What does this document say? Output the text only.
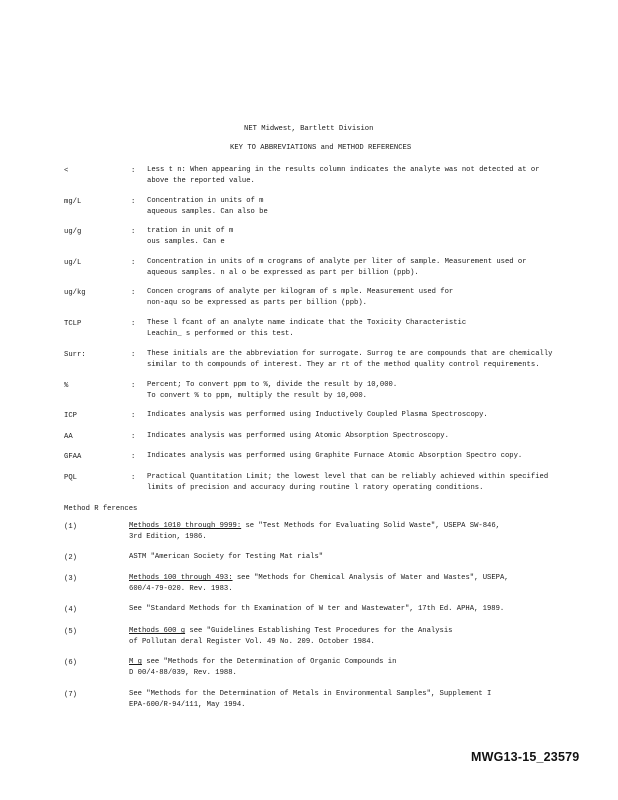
NET Midwest, Bartlett Division
KEY TO ABBREVIATIONS and METHOD REFERENCES
<	: Less t n: When appearing in the results column indicates the analyte was not detected at or
above the reported value.
mg/L	: Concentration in units of m
aqueous samples. Can also be
ug/g	: tration in unit of m
ous samples. Can e
ug/L	: Concentration in units of m crograms of analyte per liter of sample. Measurement used or
aqueous samples. n al o be expressed as part per billion (ppb).
ug/kg	: Concen crograms of analyte per kilogram of s mple. Measurement used for
non-aqu so be expressed as parts per billion (ppb).
TCLP	: These l fcant of an analyte name indicate that the Toxicity Characteristic
Leachin_ s performed or this test.
Surr:	: These initials are the abbreviation for surrogate. Surrog te are compounds that are chemically
similar to th compounds of interest. They ar rt of the method quality control requirements.
%	: Percent; To convert ppm to %, divide the result by 10,000.
To convert % to ppm, multiply the result by 10,000.
ICP	: Indicates analysis was performed using Inductively Coupled Plasma Spectroscopy.
AA	: Indicates analysis was performed using Atomic Absorption Spectroscopy.
GFAA	: Indicates analysis was performed using Graphite Furnace Atomic Absorption Spectro copy.
PQL	: Practical Quantitation Limit; the lowest level that can be reliably achieved within specified
limits of precision and accuracy during routine l ratory operating conditions.
Method R ferences
(1)	Methods 1010 through 9999: se "Test Methods for Evaluating Solid Waste", USEPA SW-846,
3rd Edition, 1986.
(2)	ASTM "American Society for Testing Mat rials"
(3)	Methods 100 through 493: see "Methods for Chemical Analysis of Water and Wastes", USEPA,
600/4-79-020. Rev. 1983.
(4)	See "Standard Methods for th Examination of W ter and Wastewater", 17th Ed. APHA, 1989.
(5)	Methods 600 g see "Guidelines Establishing Test Procedures for the Analysis
of Pollutan deral Register Vol. 49 No. 209. October 1984.
(6)	M g see "Methods for the Determination of Organic Compounds in
D 00/4-88/039, Rev. 1988.
(7)	See "Methods for the Determination of Metals in Environmental Samples", Supplement I
EPA-600/R-94/111, May 1994.
MWG13-15_23579
